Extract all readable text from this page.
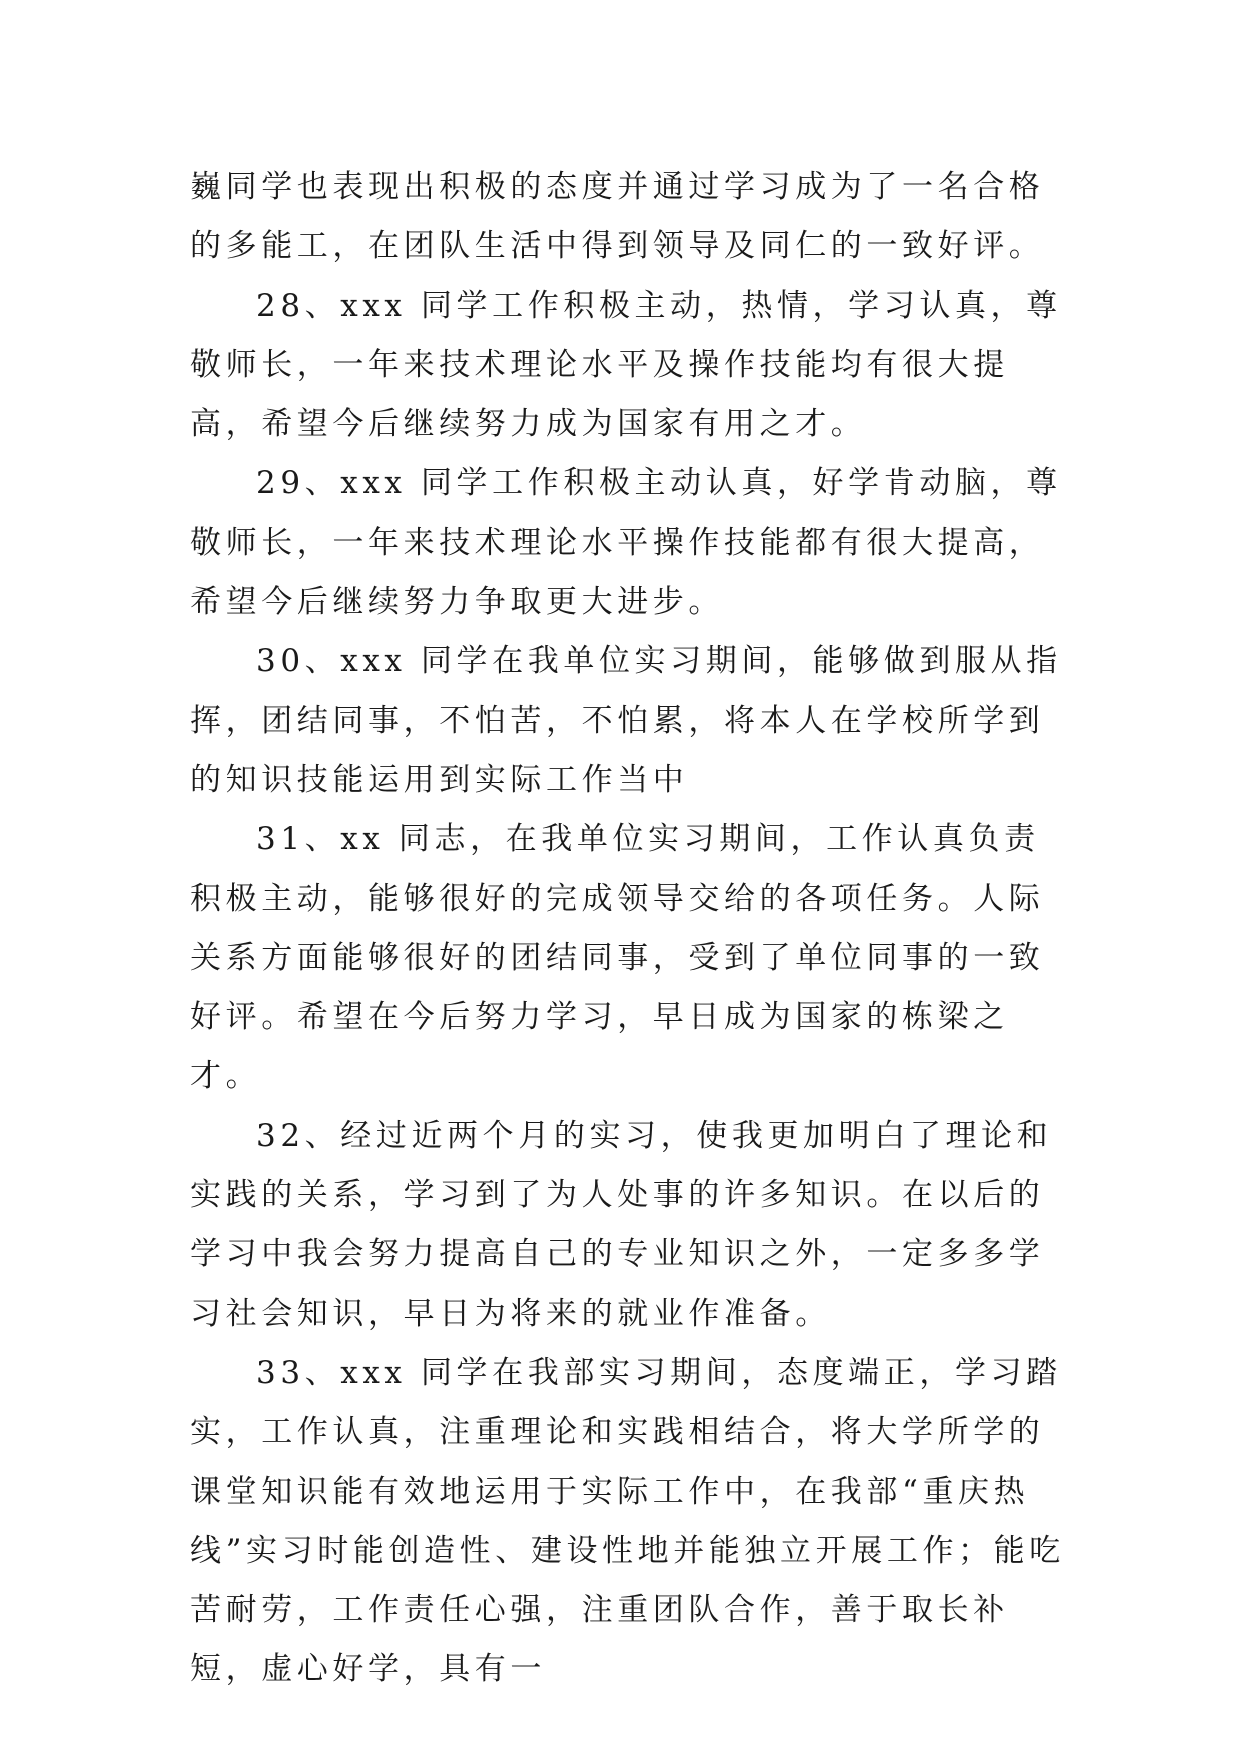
巍同学也表现出积极的态度并通过学习成为了一名合格的多能工，在团队生活中得到领导及同仁的一致好评。

28、xxx 同学工作积极主动，热情，学习认真，尊敬师长，一年来技术理论水平及操作技能均有很大提高，希望今后继续努力成为国家有用之才。

29、xxx 同学工作积极主动认真，好学肯动脑，尊敬师长，一年来技术理论水平操作技能都有很大提高，希望今后继续努力争取更大进步。

30、xxx 同学在我单位实习期间，能够做到服从指挥，团结同事，不怕苦，不怕累，将本人在学校所学到的知识技能运用到实际工作当中

31、xx 同志，在我单位实习期间，工作认真负责积极主动，能够很好的完成领导交给的各项任务。人际关系方面能够很好的团结同事，受到了单位同事的一致好评。希望在今后努力学习，早日成为国家的栋梁之才。

32、经过近两个月的实习，使我更加明白了理论和实践的关系，学习到了为人处事的许多知识。在以后的学习中我会努力提高自己的专业知识之外，一定多多学习社会知识，早日为将来的就业作准备。

33、xxx 同学在我部实习期间，态度端正，学习踏实，工作认真，注重理论和实践相结合，将大学所学的课堂知识能有效地运用于实际工作中，在我部“重庆热线”实习时能创造性、建设性地并能独立开展工作；能吃苦耐劳，工作责任心强，注重团队合作，善于取长补短，虚心好学，具有一
